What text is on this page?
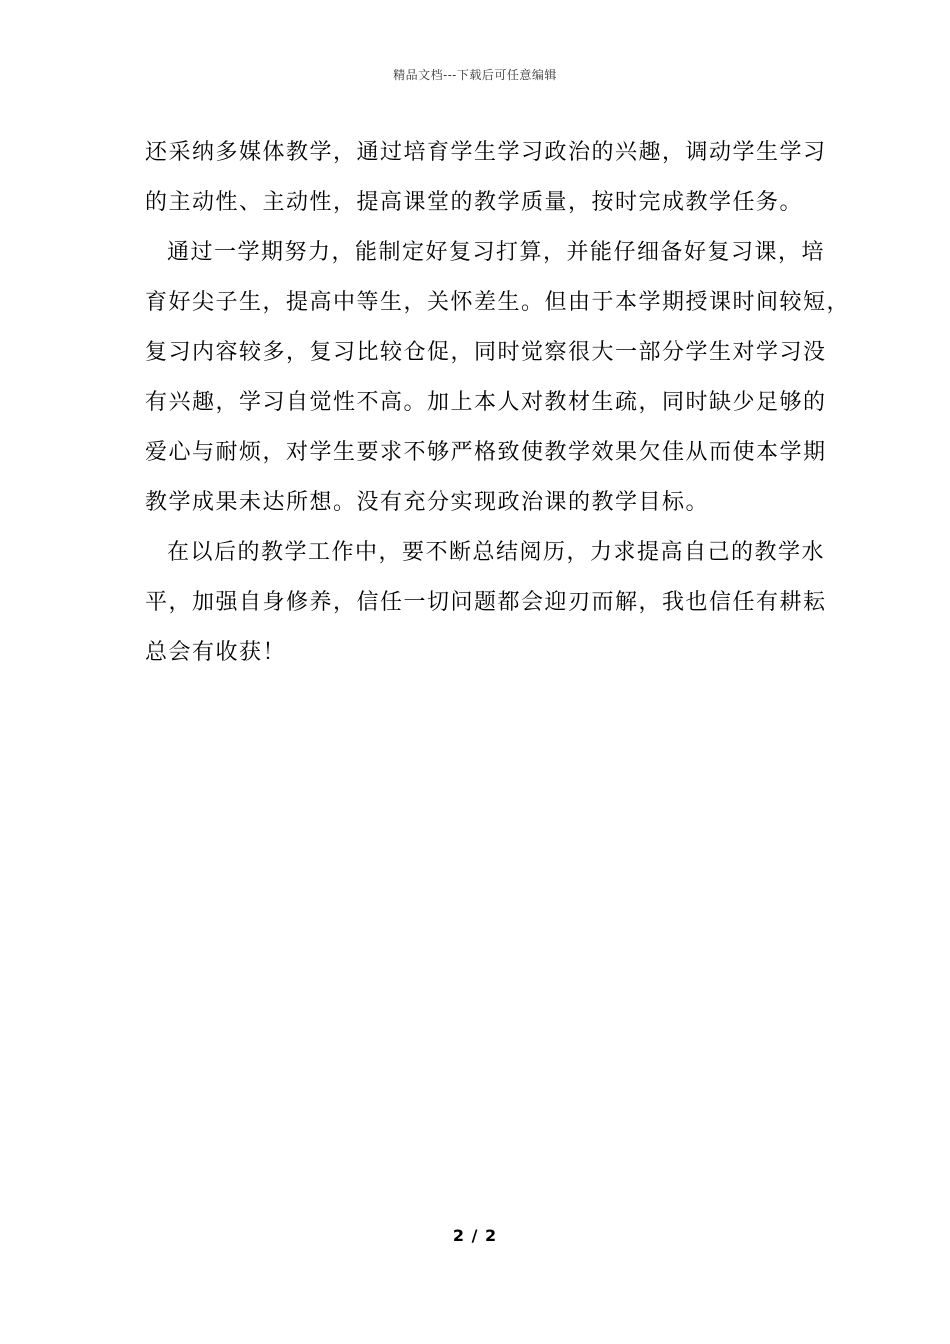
精品文档---下载后可任意编辑
还采纳多媒体教学，通过培育学生学习政治的兴趣，调动学生学习
的主动性、主动性，提高课堂的教学质量，按时完成教学任务。
通过一学期努力，能制定好复习打算，并能仔细备好复习课，培
育好尖子生，提高中等生，关怀差生。但由于本学期授课时间较短，
复习内容较多，复习比较仓促，同时觉察很大一部分学生对学习没
有兴趣，学习自觉性不高。加上本人对教材生疏，同时缺少足够的
爱心与耐烦，对学生要求不够严格致使教学效果欠佳从而使本学期
教学成果未达所想。没有充分实现政治课的教学目标。
在以后的教学工作中，要不断总结阅历，力求提高自己的教学水
平，加强自身修养，信任一切问题都会迎刃而解，我也信任有耕耘
总会有收获！
2 / 2
